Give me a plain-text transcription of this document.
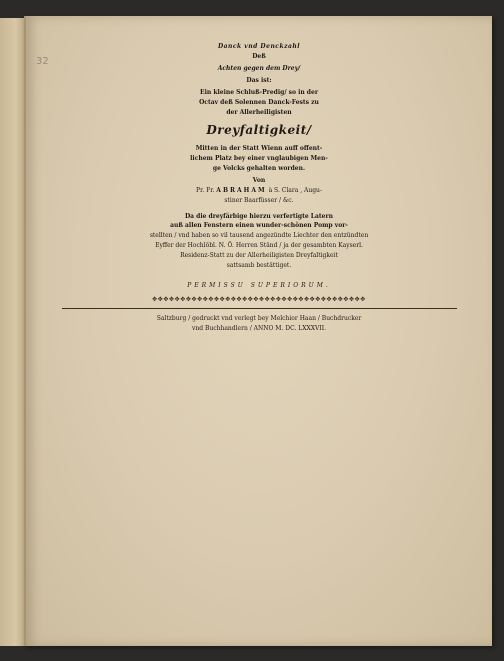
32

Danck vnd Denckzahl

Deß

Achten gegen dem Drey/

Das ist:

Ein kleine Schluß-Predig/ so in der

Octav deß Solennen Danck-Fests zu

der Allerheiligisten

Dreyfaltigkeit/

Mitten in der Statt Wienn auff offent-

lichem Platz bey einer vnglaubigen Men-

ge Volcks gehalten worden.

Von

Pr. Fr. ABRAHAM à S. Clara , Augu-

stiner Baarfüsser / &c.

Da die dreyfärbige hierzu verfertigte Latern

auß allen Fenstern einen wunder-schönen Pomp vor-

stellten / vnd haben so vil tausend angezündte Liechter den entzündten

Eyffer der Hochlöbl. N. Ö. Herren Ständ / ja der gesambten Kayserl.

Residenz-Statt zu der Allerheiligisten Dreyfaltigkeit

sattsamb bestättiget.

PERMISSU SUPERIORUM.

✥✥✥✥✥✥✥✥✥✥✥✥✥✥✥✥✥✥✥✥✥✥✥✥✥✥✥✥✥✥✥✥✥✥✥✥✥✥

Saltzburg / gedruckt vnd verlegt bey Melchior Haan / Buchdrucker

vnd Buchhandlern / ANNO M. DC. LXXXVII.
